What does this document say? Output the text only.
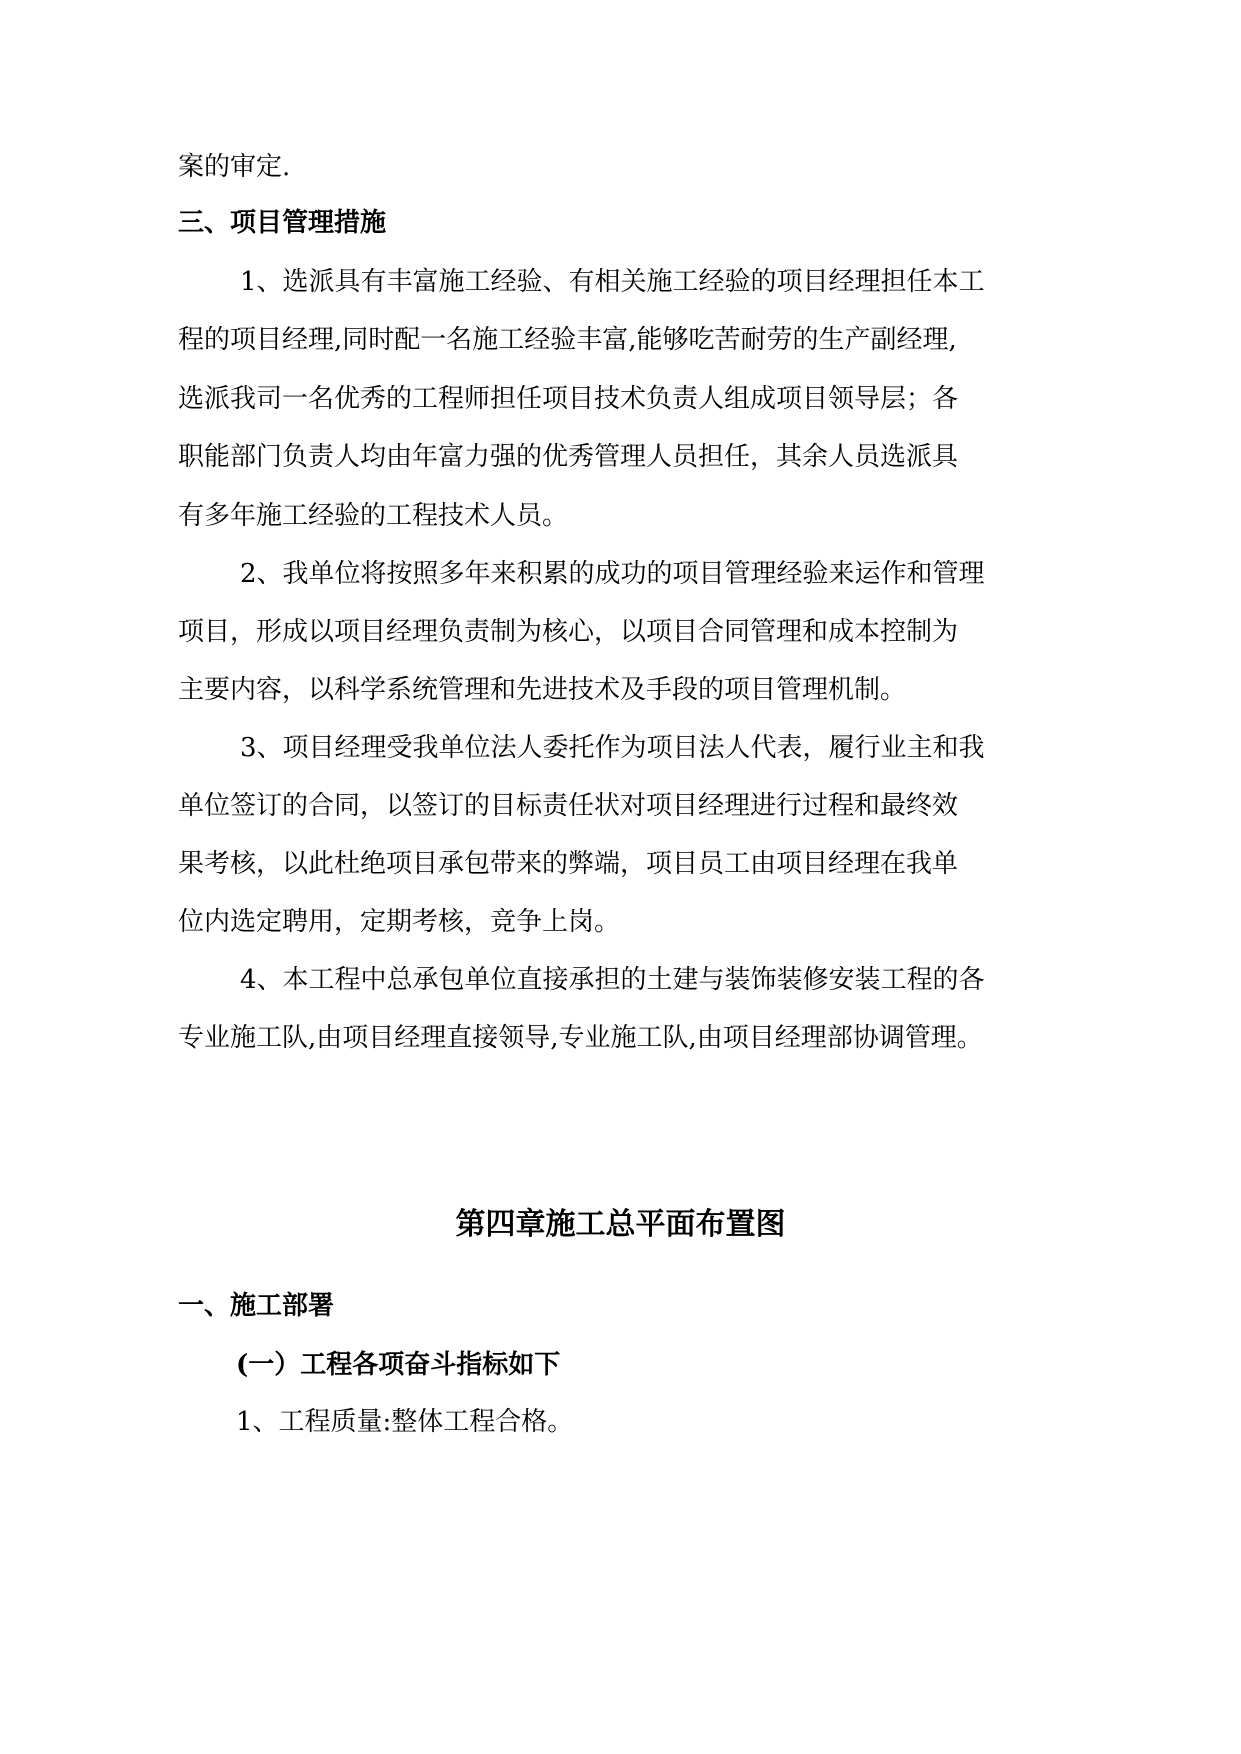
案的审定.
三、项目管理措施
1、选派具有丰富施工经验、有相关施工经验的项目经理担任本工
程的项目经理,同时配一名施工经验丰富,能够吃苦耐劳的生产副经理,
选派我司一名优秀的工程师担任项目技术负责人组成项目领导层；各
职能部门负责人均由年富力强的优秀管理人员担任，其余人员选派具
有多年施工经验的工程技术人员。
2、我单位将按照多年来积累的成功的项目管理经验来运作和管理
项目，形成以项目经理负责制为核心，以项目合同管理和成本控制为
主要内容，以科学系统管理和先进技术及手段的项目管理机制。
3、项目经理受我单位法人委托作为项目法人代表，履行业主和我
单位签订的合同，以签订的目标责任状对项目经理进行过程和最终效
果考核，以此杜绝项目承包带来的弊端，项目员工由项目经理在我单
位内选定聘用，定期考核，竞争上岗。
4、本工程中总承包单位直接承担的土建与装饰装修安装工程的各
专业施工队,由项目经理直接领导,专业施工队,由项目经理部协调管理。
第四章施工总平面布置图
一、施工部署
(一）工程各项奋斗指标如下
1、工程质量:整体工程合格。
